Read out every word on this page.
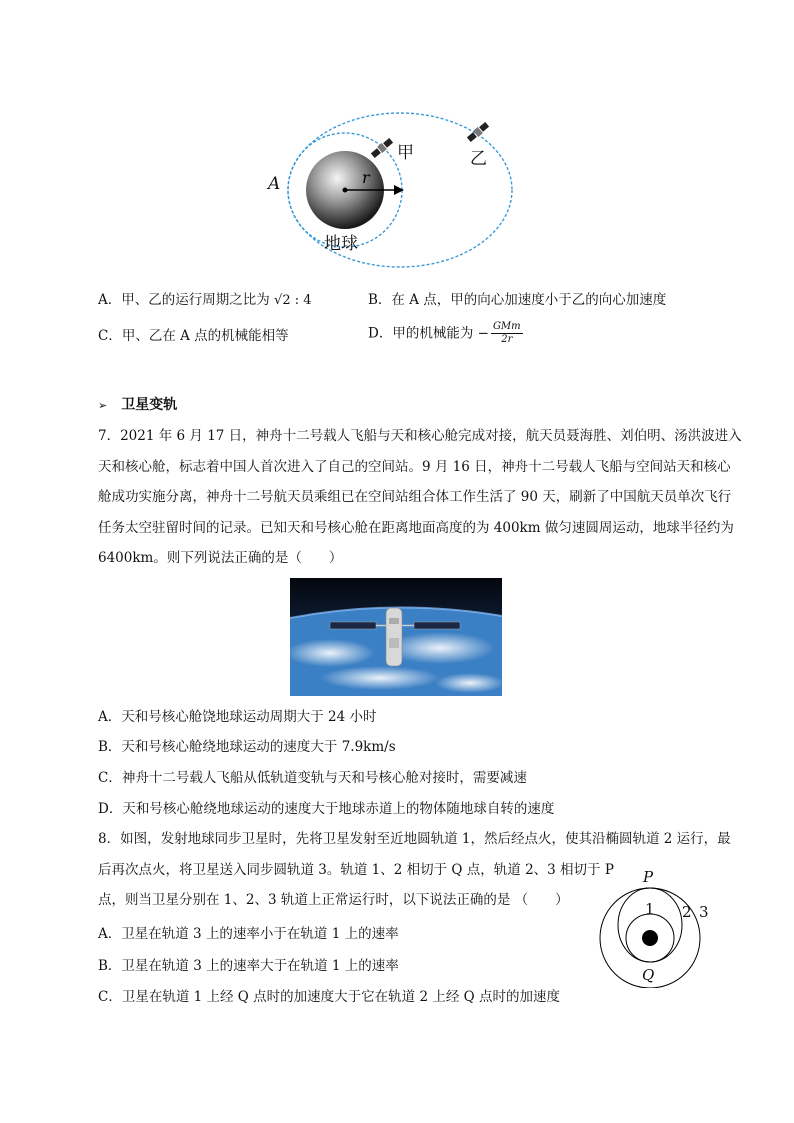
A
甲	乙
r
地球
A．甲、乙的运行周期之比为 √2 : 4	B．在 A 点，甲的向心加速度小于乙的向心加速度
C．甲、乙在 A 点的机械能相等	D．甲的机械能为 − $\frac{\text{GMm}}{2r}$
➢ 卫星变轨
7．2021 年 6 月 17 日，神舟十二号载人飞船与天和核心舱完成对接，航天员聂海胜、刘伯明、汤洪波进入
天和核心舱，标志着中国人首次进入了自己的空间站。9 月 16 日，神舟十二号载人飞船与空间站天和核心
舱成功实施分离，神舟十二号航天员乘组已在空间站组合体工作生活了 90 天，刷新了中国航天员单次飞行
任务太空驻留时间的记录。已知天和号核心舱在距离地面高度的为 400km 做匀速圆周运动，地球半径约为
6400km。则下列说法正确的是（　　）
A．天和号核心舱饶地球运动周期大于 24 小时
B．天和号核心舱绕地球运动的速度大于 7.9km/s
C．神舟十二号载人飞船从低轨道变轨与天和号核心舱对接时，需要减速
D．天和号核心舱绕地球运动的速度大于地球赤道上的物体随地球自转的速度
8．如图，发射地球同步卫星时，先将卫星发射至近地圆轨道 1，然后经点火，使其沿椭圆轨道 2 运行，最
后再次点火，将卫星送入同步圆轨道 3。轨道 1、2 相切于 Q 点，轨道 2、3 相切于 P
点，则当卫星分别在 1、2、3 轨道上正常运行时，以下说法正确的是 （　　）
A．卫星在轨道 3 上的速率小于在轨道 1 上的速率
B．卫星在轨道 3 上的速率大于在轨道 1 上的速率
C．卫星在轨道 1 上经 Q 点时的加速度大于它在轨道 2 上经 Q 点时的加速度
P
1 2 3
Q
